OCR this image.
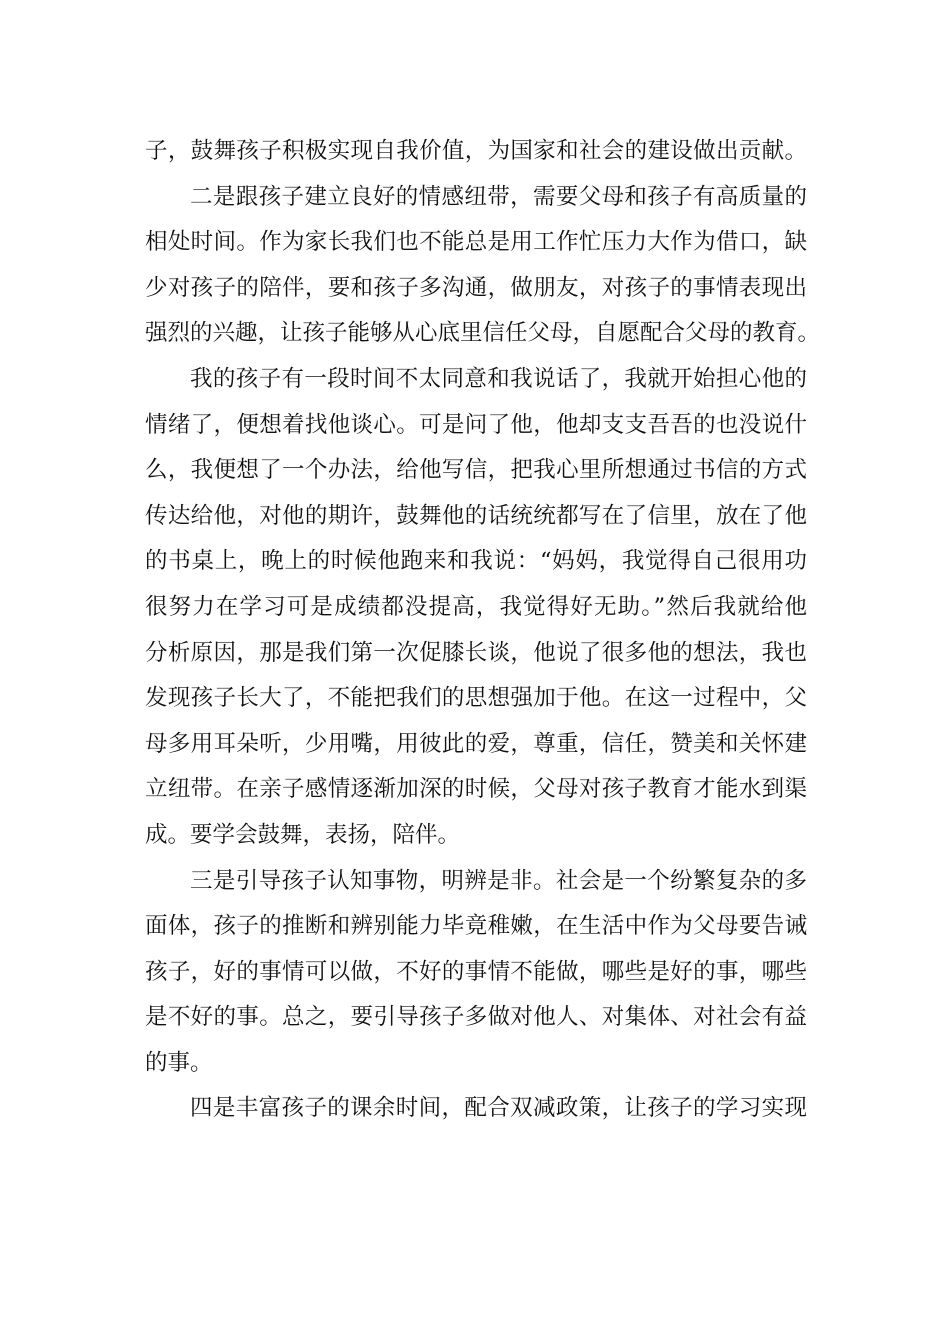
子，鼓舞孩子积极实现自我价值，为国家和社会的建设做出贡献。
二是跟孩子建立良好的情感纽带，需要父母和孩子有高质量的
相处时间。作为家长我们也不能总是用工作忙压力大作为借口，缺
少对孩子的陪伴，要和孩子多沟通，做朋友，对孩子的事情表现出
强烈的兴趣，让孩子能够从心底里信任父母，自愿配合父母的教育。
我的孩子有一段时间不太同意和我说话了，我就开始担心他的
情绪了，便想着找他谈心。可是问了他，他却支支吾吾的也没说什
么，我便想了一个办法，给他写信，把我心里所想通过书信的方式
传达给他，对他的期许，鼓舞他的话统统都写在了信里，放在了他
的书桌上，晚上的时候他跑来和我说：“妈妈，我觉得自己很用功
很努力在学习可是成绩都没提高，我觉得好无助。”然后我就给他
分析原因，那是我们第一次促膝长谈，他说了很多他的想法，我也
发现孩子长大了，不能把我们的思想强加于他。在这一过程中，父
母多用耳朵听，少用嘴，用彼此的爱，尊重，信任，赞美和关怀建
立纽带。在亲子感情逐渐加深的时候，父母对孩子教育才能水到渠
成。要学会鼓舞，表扬，陪伴。
三是引导孩子认知事物，明辨是非。社会是一个纷繁复杂的多
面体，孩子的推断和辨别能力毕竟稚嫩，在生活中作为父母要告诫
孩子，好的事情可以做，不好的事情不能做，哪些是好的事，哪些
是不好的事。总之，要引导孩子多做对他人、对集体、对社会有益
的事。
四是丰富孩子的课余时间，配合双减政策，让孩子的学习实现
